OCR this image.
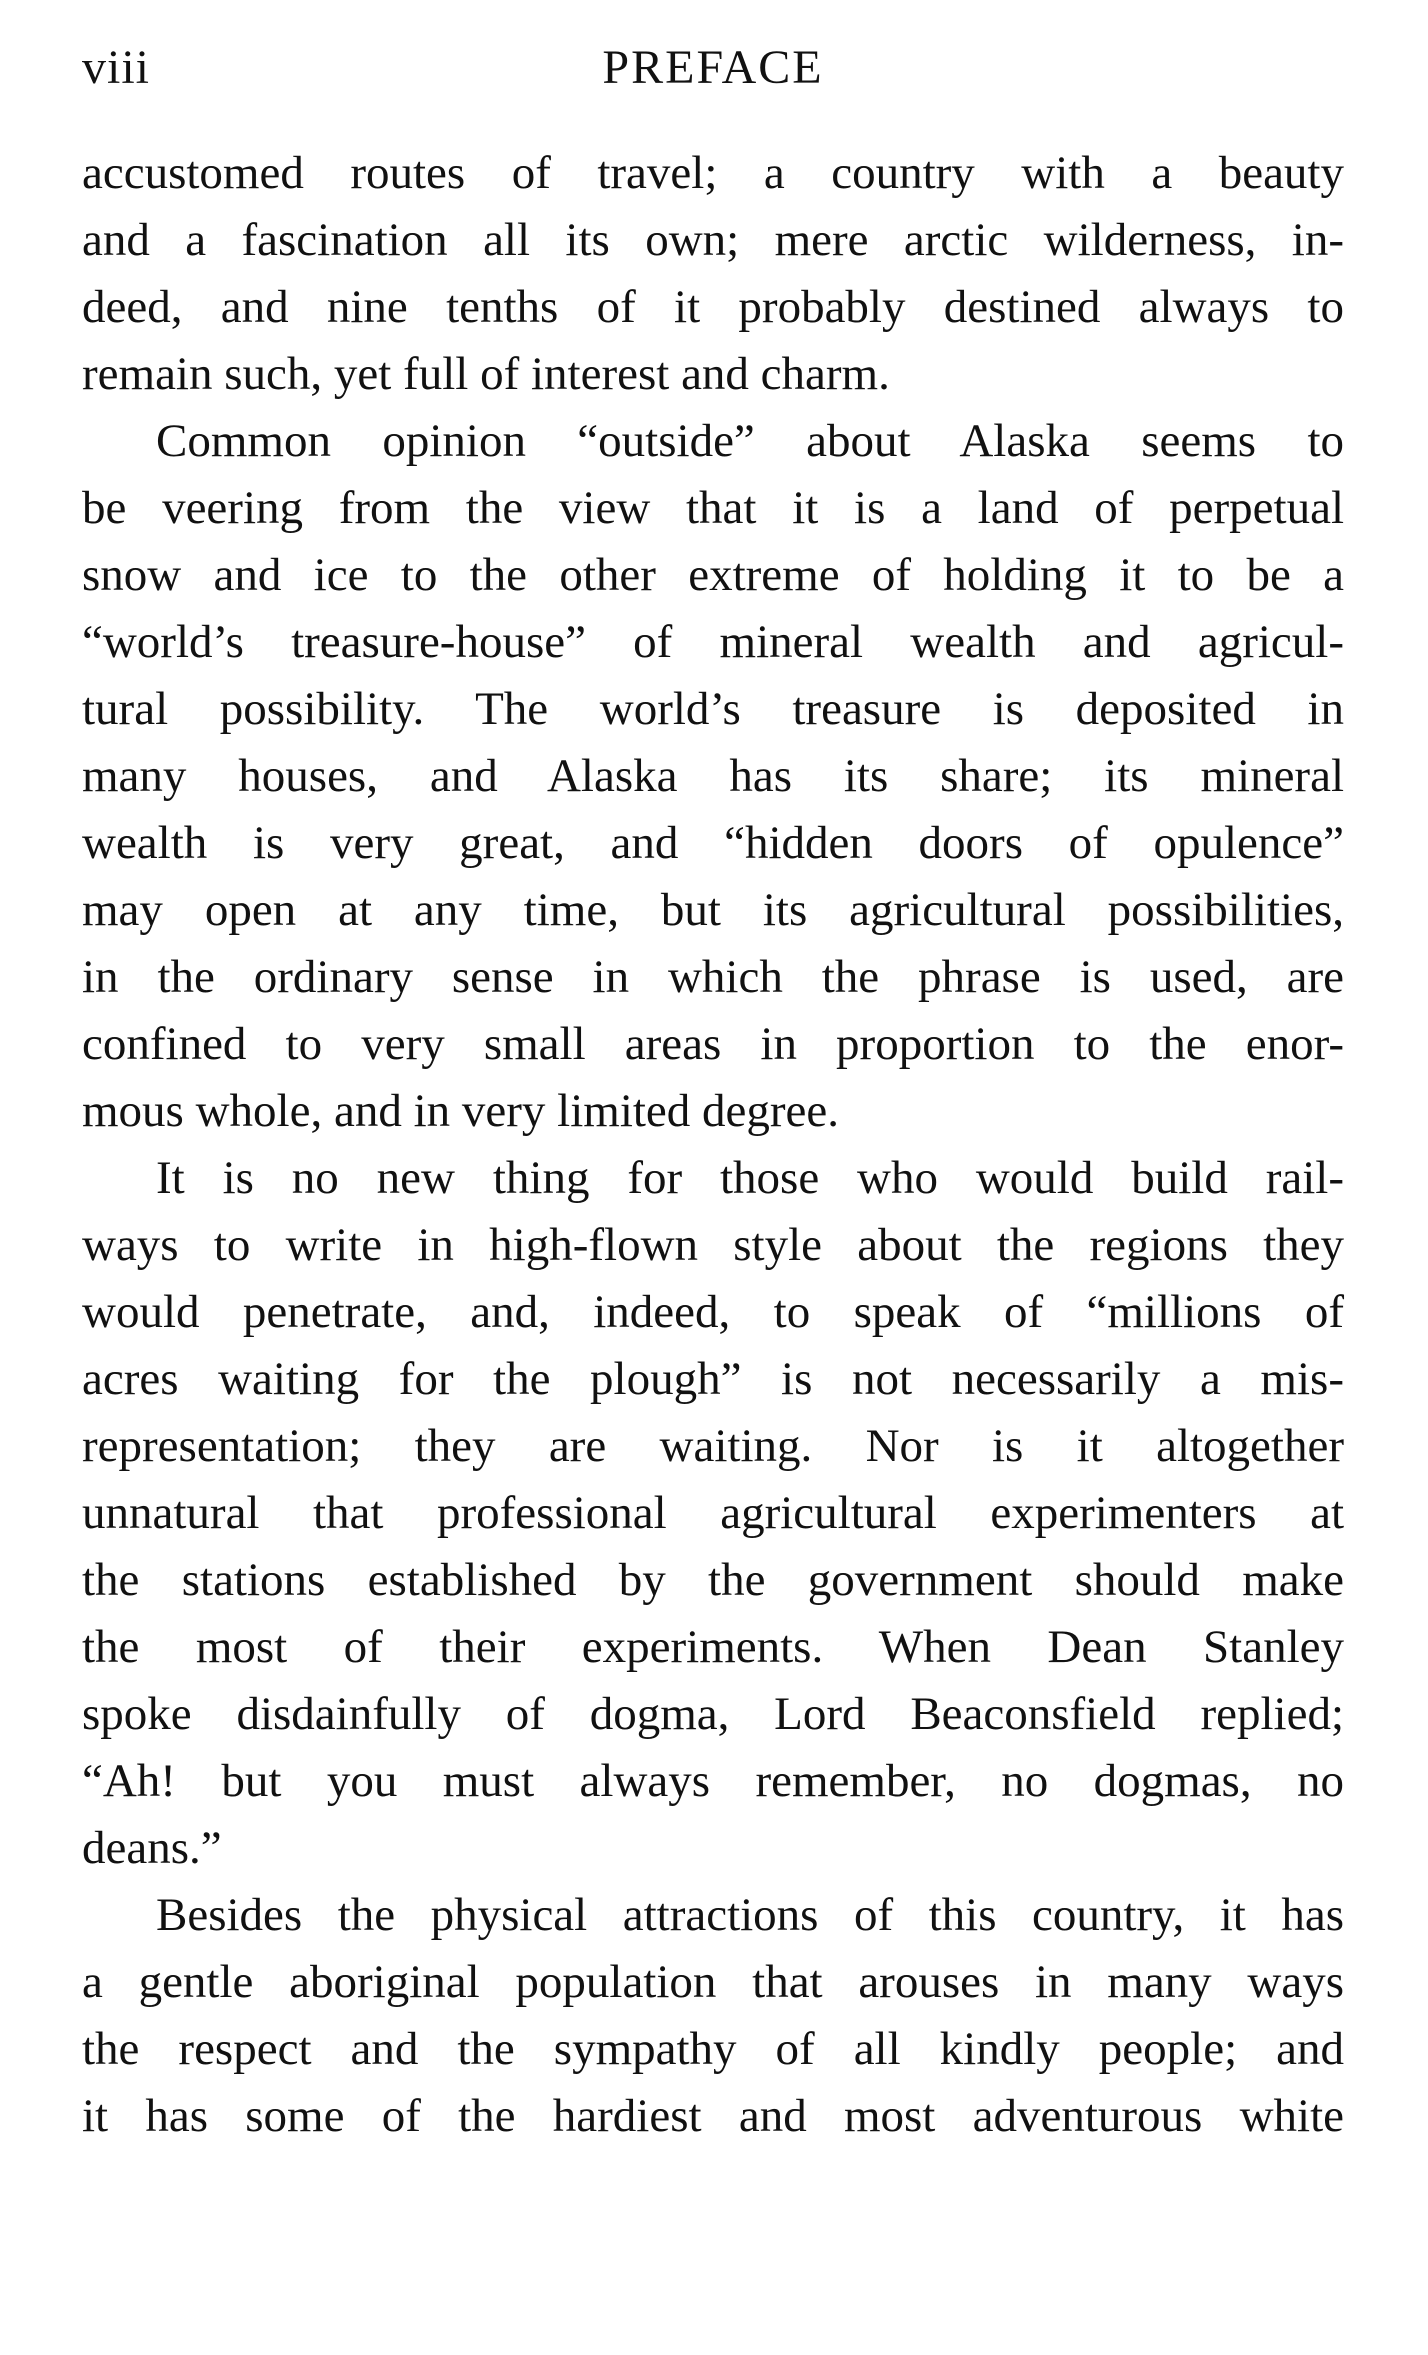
viii	PREFACE
accustomed routes of travel; a country with a beauty
and a fascination all its own; mere arctic wilderness, in-
deed, and nine tenths of it probably destined always to
remain such, yet full of interest and charm.
Common opinion “outside” about Alaska seems to
be veering from the view that it is a land of perpetual
snow and ice to the other extreme of holding it to be a
“world’s treasure-house” of mineral wealth and agricul-
tural possibility. The world’s treasure is deposited in
many houses, and Alaska has its share; its mineral
wealth is very great, and “hidden doors of opulence”
may open at any time, but its agricultural possibilities,
in the ordinary sense in which the phrase is used, are
confined to very small areas in proportion to the enor-
mous whole, and in very limited degree.
It is no new thing for those who would build rail-
ways to write in high-flown style about the regions they
would penetrate, and, indeed, to speak of “millions of
acres waiting for the plough” is not necessarily a mis-
representation; they are waiting. Nor is it altogether
unnatural that professional agricultural experimenters at
the stations established by the government should make
the most of their experiments. When Dean Stanley
spoke disdainfully of dogma, Lord Beaconsfield replied;
“Ah! but you must always remember, no dogmas, no
deans.”
Besides the physical attractions of this country, it has
a gentle aboriginal population that arouses in many ways
the respect and the sympathy of all kindly people; and
it has some of the hardiest and most adventurous white
